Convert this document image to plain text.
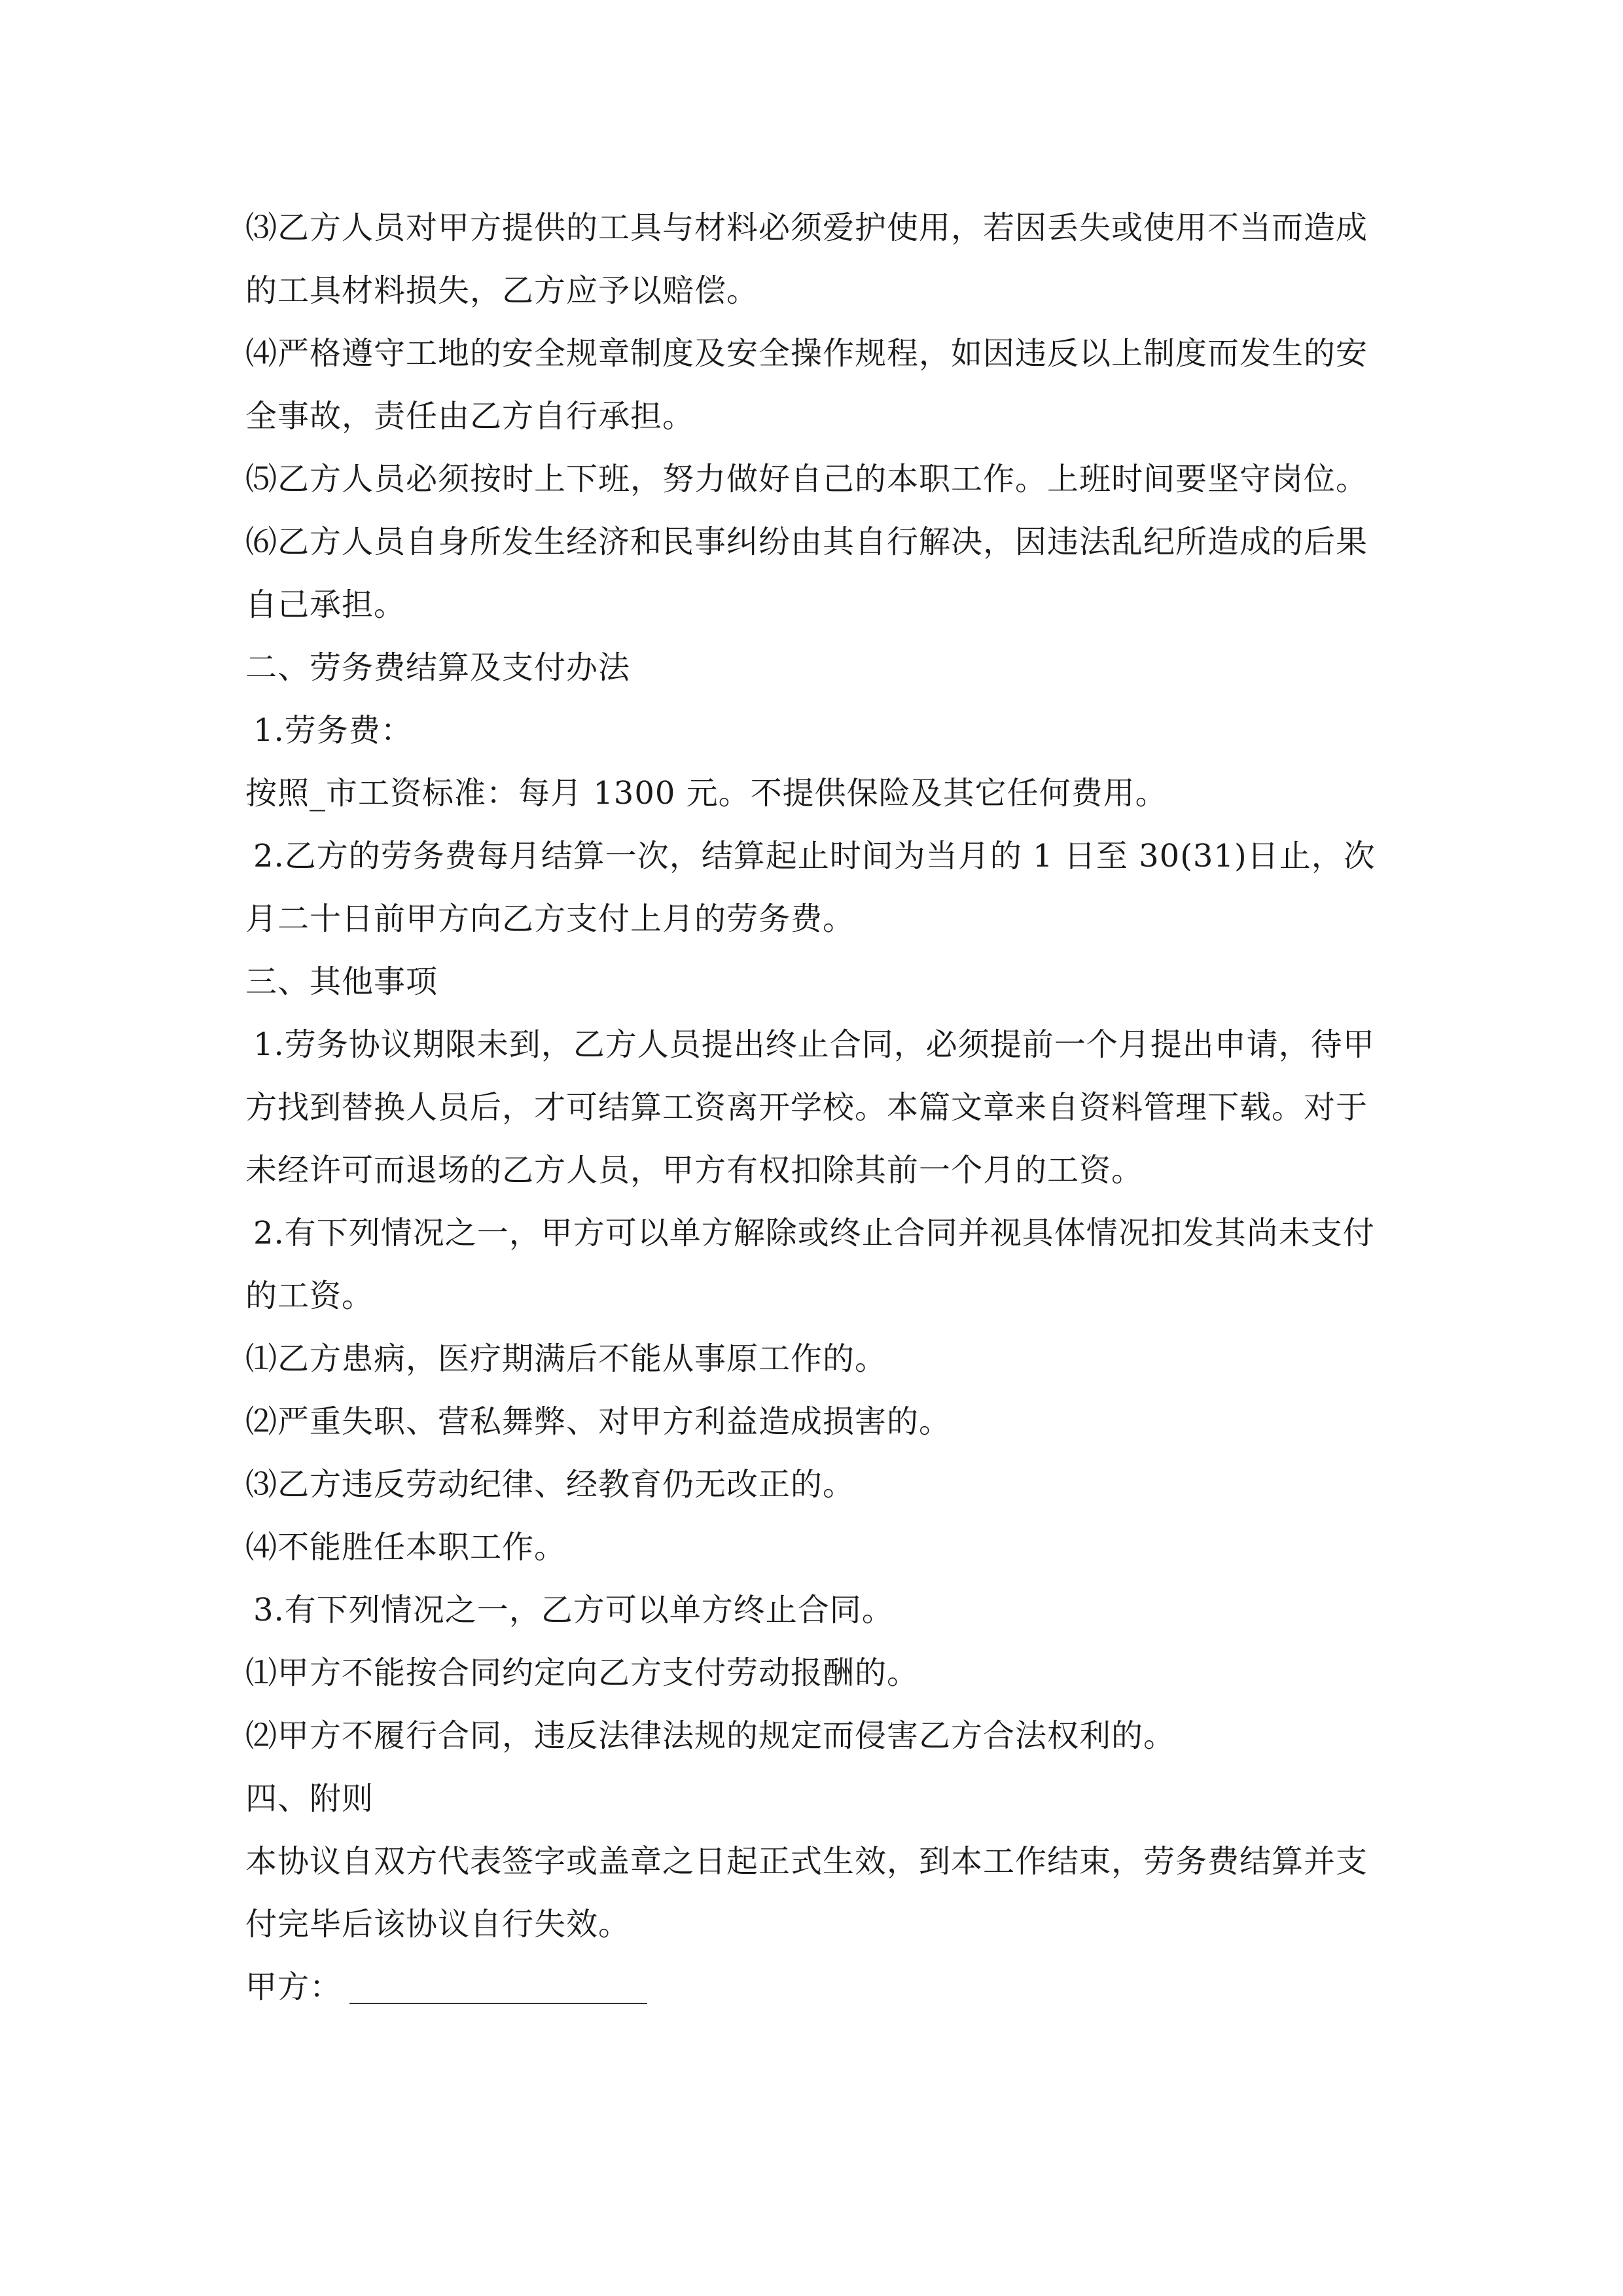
⑶乙方人员对甲方提供的工具与材料必须爱护使用，若因丢失或使用不当而造成
的工具材料损失，乙方应予以赔偿。
⑷严格遵守工地的安全规章制度及安全操作规程，如因违反以上制度而发生的安
全事故，责任由乙方自行承担。
⑸乙方人员必须按时上下班，努力做好自己的本职工作。上班时间要坚守岗位。
⑹乙方人员自身所发生经济和民事纠纷由其自行解决，因违法乱纪所造成的后果
自己承担。
二、劳务费结算及支付办法
1.劳务费：
按照_市工资标准：每月 1300 元。不提供保险及其它任何费用。
2.乙方的劳务费每月结算一次，结算起止时间为当月的 1 日至 30(31)日止，次
月二十日前甲方向乙方支付上月的劳务费。
三、其他事项
1.劳务协议期限未到，乙方人员提出终止合同，必须提前一个月提出申请，待甲
方找到替换人员后，才可结算工资离开学校。本篇文章来自资料管理下载。对于
未经许可而退场的乙方人员，甲方有权扣除其前一个月的工资。
2.有下列情况之一，甲方可以单方解除或终止合同并视具体情况扣发其尚未支付
的工资。
⑴乙方患病，医疗期满后不能从事原工作的。
⑵严重失职、营私舞弊、对甲方利益造成损害的。
⑶乙方违反劳动纪律、经教育仍无改正的。
⑷不能胜任本职工作。
3.有下列情况之一，乙方可以单方终止合同。
⑴甲方不能按合同约定向乙方支付劳动报酬的。
⑵甲方不履行合同，违反法律法规的规定而侵害乙方合法权利的。
四、附则
本协议自双方代表签字或盖章之日起正式生效，到本工作结束，劳务费结算并支
付完毕后该协议自行失效。
甲方：
